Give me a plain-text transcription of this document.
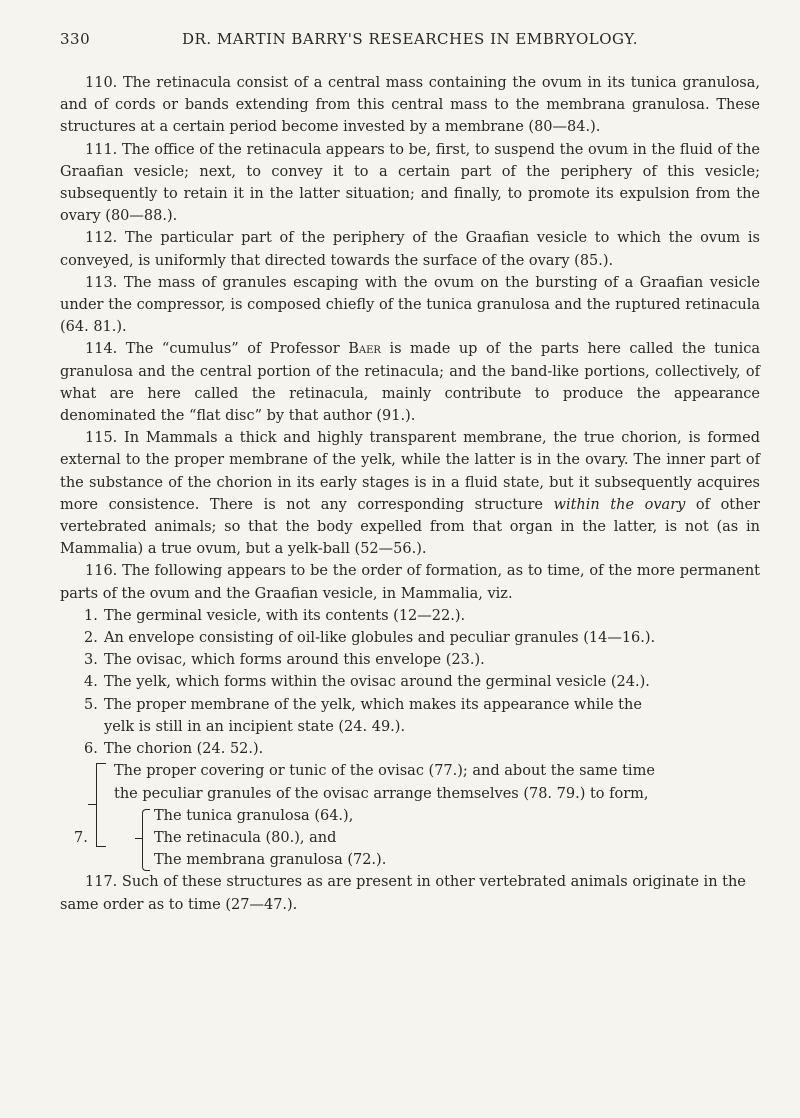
330	DR. MARTIN BARRY'S RESEARCHES IN EMBRYOLOGY.

110. The retinacula consist of a central mass containing the ovum in its tunica granulosa, and of cords or bands extending from this central mass to the membrana granulosa. These structures at a certain period become invested by a membrane (80—84.).

111. The office of the retinacula appears to be, first, to suspend the ovum in the fluid of the Graafian vesicle; next, to convey it to a certain part of the periphery of this vesicle; subsequently to retain it in the latter situation; and finally, to promote its expulsion from the ovary (80—88.).

112. The particular part of the periphery of the Graafian vesicle to which the ovum is conveyed, is uniformly that directed towards the surface of the ovary (85.).

113. The mass of granules escaping with the ovum on the bursting of a Graafian vesicle under the compressor, is composed chiefly of the tunica granulosa and the ruptured retinacula (64. 81.).

114. The “cumulus” of Professor Baer is made up of the parts here called the tunica granulosa and the central portion of the retinacula; and the band-like portions, collectively, of what are here called the retinacula, mainly contribute to produce the appearance denominated the “flat disc” by that author (91.).

115. In Mammals a thick and highly transparent membrane, the true chorion, is formed external to the proper membrane of the yelk, while the latter is in the ovary. The inner part of the substance of the chorion in its early stages is in a fluid state, but it subsequently acquires more consistence. There is not any corresponding structure within the ovary of other vertebrated animals; so that the body expelled from that organ in the latter, is not (as in Mammalia) a true ovum, but a yelk-ball (52—56.).

116. The following appears to be the order of formation, as to time, of the more permanent parts of the ovum and the Graafian vesicle, in Mammalia, viz.

1. The germinal vesicle, with its contents (12—22.).
2. An envelope consisting of oil-like globules and peculiar granules (14—16.).
3. The ovisac, which forms around this envelope (23.).
4. The yelk, which forms within the ovisac around the germinal vesicle (24.).
5. The proper membrane of the yelk, which makes its appearance while the
yelk is still in an incipient state (24. 49.).
6. The chorion (24. 52.).
7.
The proper covering or tunic of the ovisac (77.); and about the same time
the peculiar granules of the ovisac arrange themselves (78. 79.) to form,
The tunica granulosa (64.),
The retinacula (80.), and
The membrana granulosa (72.).

117. Such of these structures as are present in other vertebrated animals originate in the same order as to time (27—47.).
